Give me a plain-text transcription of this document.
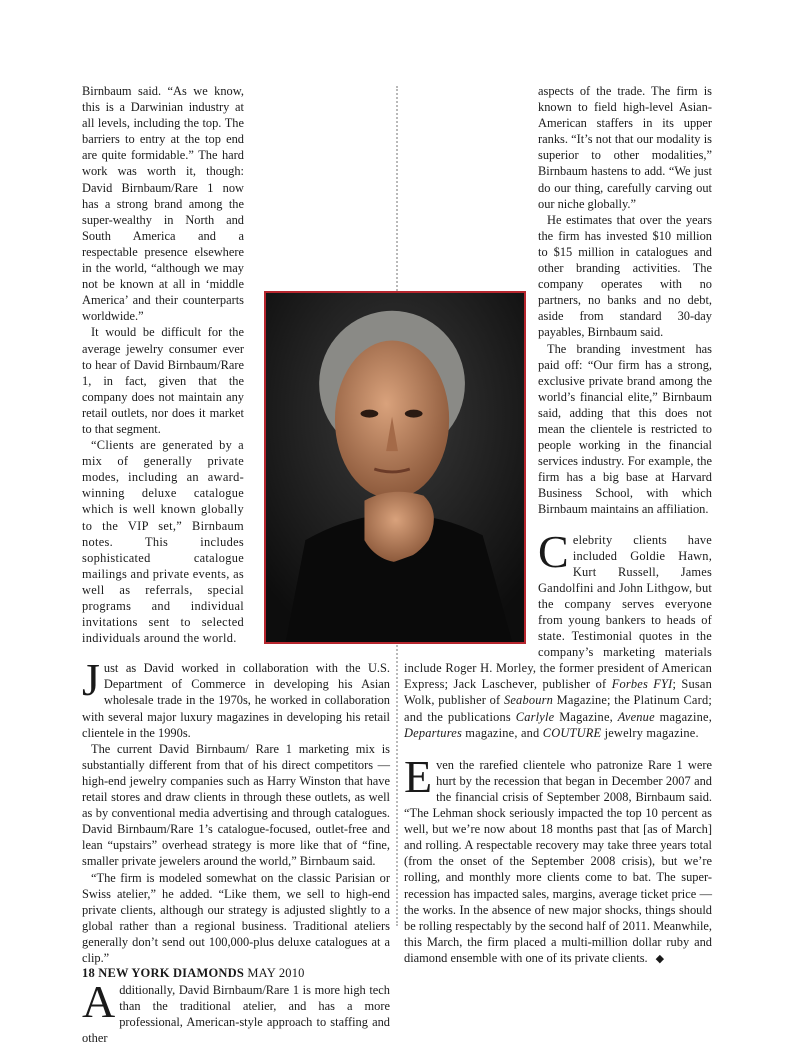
Birnbaum said. “As we know, this is a Darwinian industry at all levels, including the top. The barriers to entry at the top end are quite formidable.” The hard work was worth it, though: David Birnbaum/Rare 1 now has a strong brand among the super-wealthy in North and South America and a respectable presence elsewhere in the world, “although we may not be known at all in ‘middle America’ and their counterparts worldwide.”

It would be difficult for the average jewelry consumer ever to hear of David Birnbaum/Rare 1, in fact, given that the company does not maintain any retail outlets, nor does it market to that segment.

“Clients are generated by a mix of generally private modes, including an award-winning deluxe catalogue which is well known globally to the VIP set,” Birnbaum notes. This includes sophisticated catalogue mailings and private events, as well as referrals, special programs and individual invitations sent to selected individuals around the world.

Just as David worked in collaboration with the U.S. Department of Commerce in developing his Asian wholesale trade in the 1970s, he worked in collaboration with several major luxury magazines in developing his retail clientele in the 1990s.

The current David Birnbaum/ Rare 1 marketing mix is substantially different from that of his direct competitors — high-end jewelry companies such as Harry Winston that have retail stores and draw clients in through these outlets, as well as by conventional media advertising and through catalogues. David Birnbaum/Rare 1’s catalogue-focused, outlet-free and lean “upstairs” overhead strategy is more like that of “fine, smaller private jewelers around the world,” Birnbaum said.

“The firm is modeled somewhat on the classic Parisian or Swiss atelier,” he added. “Like them, we sell to high-end private clients, although our strategy is adjusted slightly to a global rather than a regional business. Traditional ateliers generally don’t send out 100,000-plus deluxe catalogues at a clip.”

Additionally, David Birnbaum/Rare 1 is more high tech than the traditional atelier, and has a more professional, American-style approach to staffing and other

aspects of the trade. The firm is known to field high-level Asian-American staffers in its upper ranks. “It’s not that our modality is superior to other modalities,” Birnbaum hastens to add. “We just do our thing, carefully carving out our niche globally.”

He estimates that over the years the firm has invested $10 million to $15 million in catalogues and other branding activities. The company operates with no partners, no banks and no debt, aside from standard 30-day payables, Birnbaum said.

The branding investment has paid off: “Our firm has a strong, exclusive private brand among the world’s financial elite,” Birnbaum said, adding that this does not mean the clientele is restricted to people working in the financial services industry. For example, the firm has a big base at Harvard Business School, with which Birnbaum maintains an affiliation.

Celebrity clients have included Goldie Hawn, Kurt Russell, James Gandolfini and John Lithgow, but the company serves everyone from young bankers to heads of state. Testimonial quotes in the company’s marketing materials include Roger H. Morley, the former president of American Express; Jack Laschever, publisher of Forbes FYI; Susan Wolk, publisher of Seabourn Magazine; the Platinum Card; and the publications Carlyle Magazine, Avenue magazine, Departures magazine, and COUTURE jewelry magazine.

Even the rarefied clientele who patronize Rare 1 were hurt by the recession that began in December 2007 and the financial crisis of September 2008, Birnbaum said. “The Lehman shock seriously impacted the top 10 percent as well, but we’re now about 18 months past that [as of March] and rolling. A respectable recovery may take three years total (from the onset of the September 2008 crisis), but we’re rolling, and monthly more clients come to bat. The super-recession has impacted sales, margins, average ticket price — the works. In the absence of new major shocks, things should be rolling respectably by the second half of 2011. Meanwhile, this March, the firm placed a multi-million dollar ruby and diamond ensemble with one of its private clients. ◆

18 NEW YORK DIAMONDS MAY 2010
